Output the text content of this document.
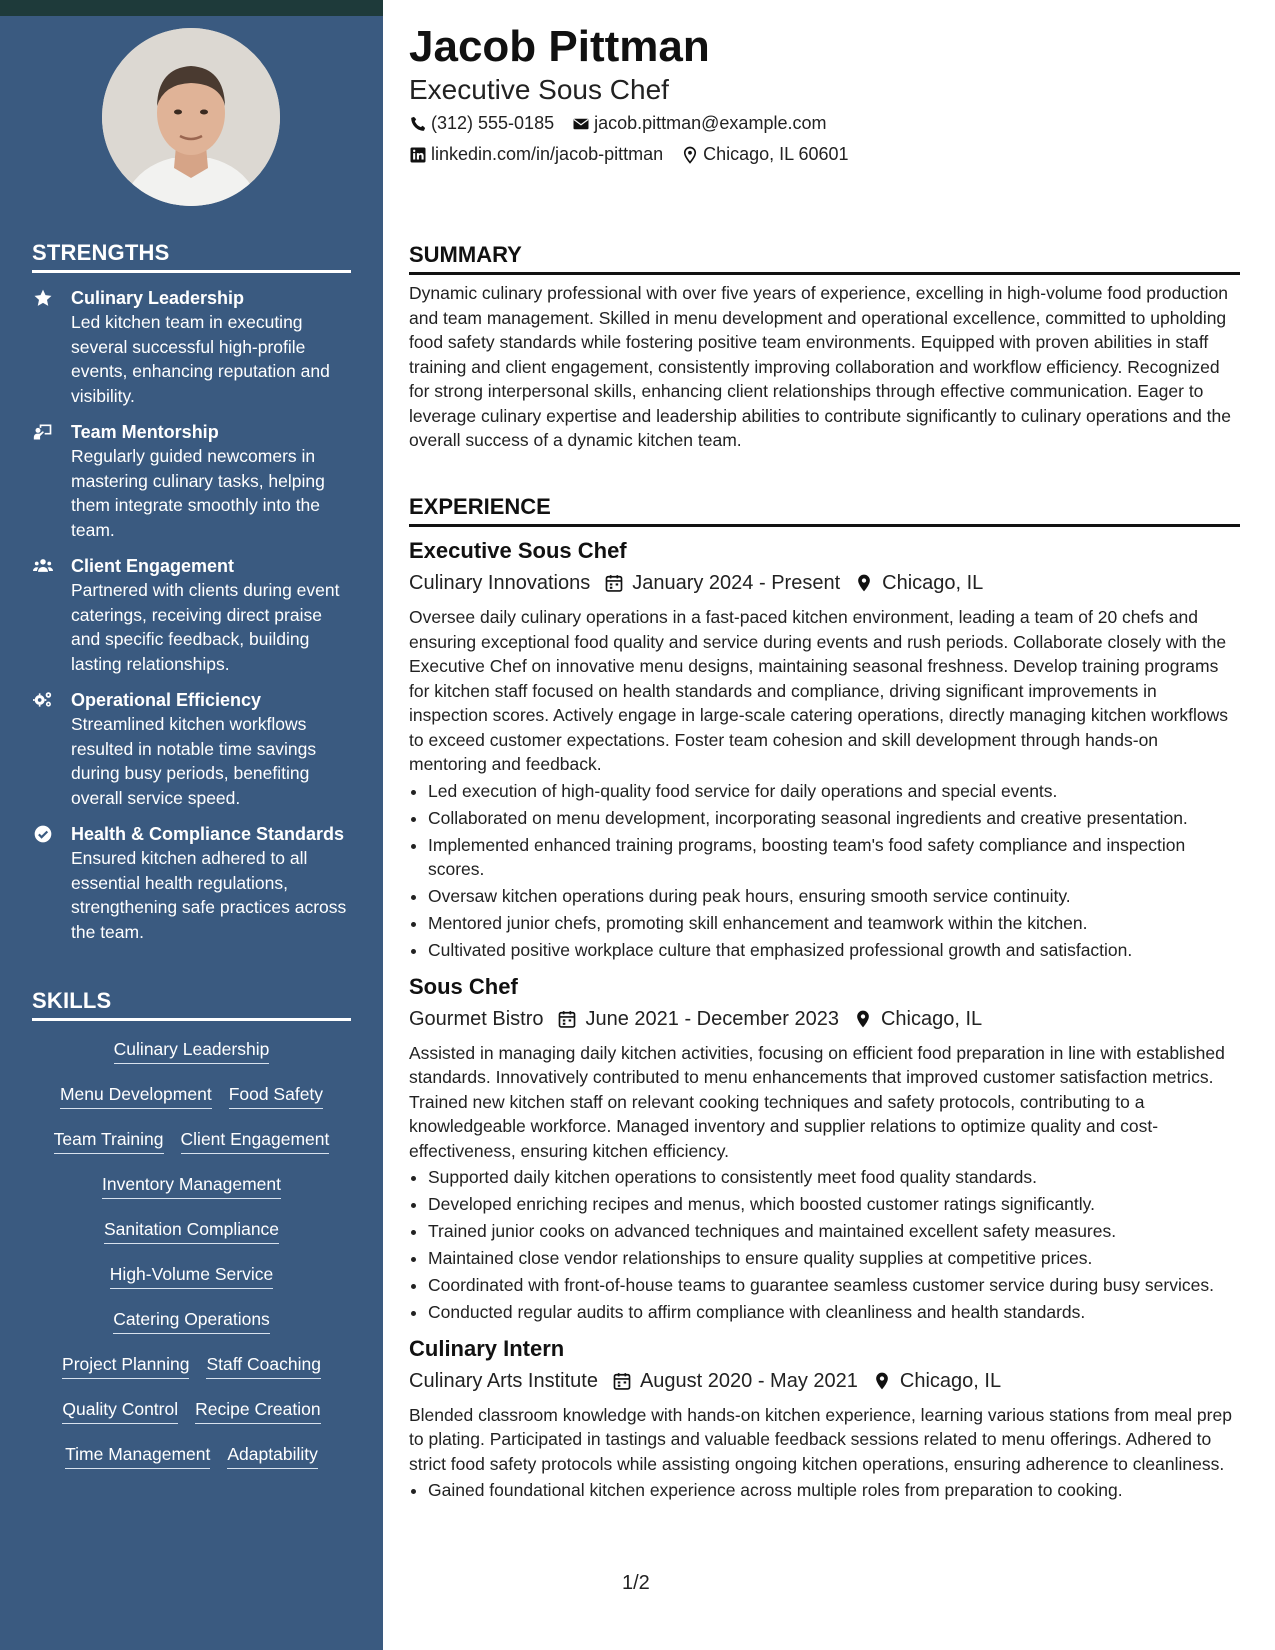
STRENGTHS
Culinary Leadership
Led kitchen team in executing several successful high-profile events, enhancing reputation and visibility.
Team Mentorship
Regularly guided newcomers in mastering culinary tasks, helping them integrate smoothly into the team.
Client Engagement
Partnered with clients during event caterings, receiving direct praise and specific feedback, building lasting relationships.
Operational Efficiency
Streamlined kitchen workflows resulted in notable time savings during busy periods, benefiting overall service speed.
Health & Compliance Standards
Ensured kitchen adhered to all essential health regulations, strengthening safe practices across the team.
SKILLS
Culinary Leadership
Menu Development Food Safety
Team Training Client Engagement
Inventory Management
Sanitation Compliance
High-Volume Service
Catering Operations
Project Planning Staff Coaching
Quality Control Recipe Creation
Time Management Adaptability
Jacob Pittman
Executive Sous Chef
(312) 555-0185 jacob.pittman@example.com
linkedin.com/in/jacob-pittman Chicago, IL 60601
SUMMARY

Dynamic culinary professional with over five years of experience, excelling in high-volume food production and team management. Skilled in menu development and operational excellence, committed to upholding food safety standards while fostering positive team environments. Equipped with proven abilities in staff training and client engagement, consistently improving collaboration and workflow efficiency. Recognized for strong interpersonal skills, enhancing client relationships through effective communication. Eager to leverage culinary expertise and leadership abilities to contribute significantly to culinary operations and the overall success of a dynamic kitchen team.

EXPERIENCE
Executive Sous Chef
Culinary Innovations January 2024 - Present Chicago, IL

Oversee daily culinary operations in a fast-paced kitchen environment, leading a team of 20 chefs and ensuring exceptional food quality and service during events and rush periods. Collaborate closely with the Executive Chef on innovative menu designs, maintaining seasonal freshness. Develop training programs for kitchen staff focused on health standards and compliance, driving significant improvements in inspection scores. Actively engage in large-scale catering operations, directly managing kitchen workflows to exceed customer expectations. Foster team cohesion and skill development through hands-on mentoring and feedback.

• Led execution of high-quality food service for daily operations and special events.
• Collaborated on menu development, incorporating seasonal ingredients and creative presentation.
• Implemented enhanced training programs, boosting team's food safety compliance and inspection scores.
• Oversaw kitchen operations during peak hours, ensuring smooth service continuity.
• Mentored junior chefs, promoting skill enhancement and teamwork within the kitchen.
• Cultivated positive workplace culture that emphasized professional growth and satisfaction.
Sous Chef
Gourmet Bistro June 2021 - December 2023 Chicago, IL

Assisted in managing daily kitchen activities, focusing on efficient food preparation in line with established standards. Innovatively contributed to menu enhancements that improved customer satisfaction metrics. Trained new kitchen staff on relevant cooking techniques and safety protocols, contributing to a knowledgeable workforce. Managed inventory and supplier relations to optimize quality and cost-effectiveness, ensuring kitchen efficiency.

• Supported daily kitchen operations to consistently meet food quality standards.
• Developed enriching recipes and menus, which boosted customer ratings significantly.
• Trained junior cooks on advanced techniques and maintained excellent safety measures.
• Maintained close vendor relationships to ensure quality supplies at competitive prices.
• Coordinated with front-of-house teams to guarantee seamless customer service during busy services.
• Conducted regular audits to affirm compliance with cleanliness and health standards.
Culinary Intern
Culinary Arts Institute August 2020 - May 2021 Chicago, IL

Blended classroom knowledge with hands-on kitchen experience, learning various stations from meal prep to plating. Participated in tastings and valuable feedback sessions related to menu offerings. Adhered to strict food safety protocols while assisting ongoing kitchen operations, ensuring adherence to cleanliness.

• Gained foundational kitchen experience across multiple roles from preparation to cooking.
1/2
